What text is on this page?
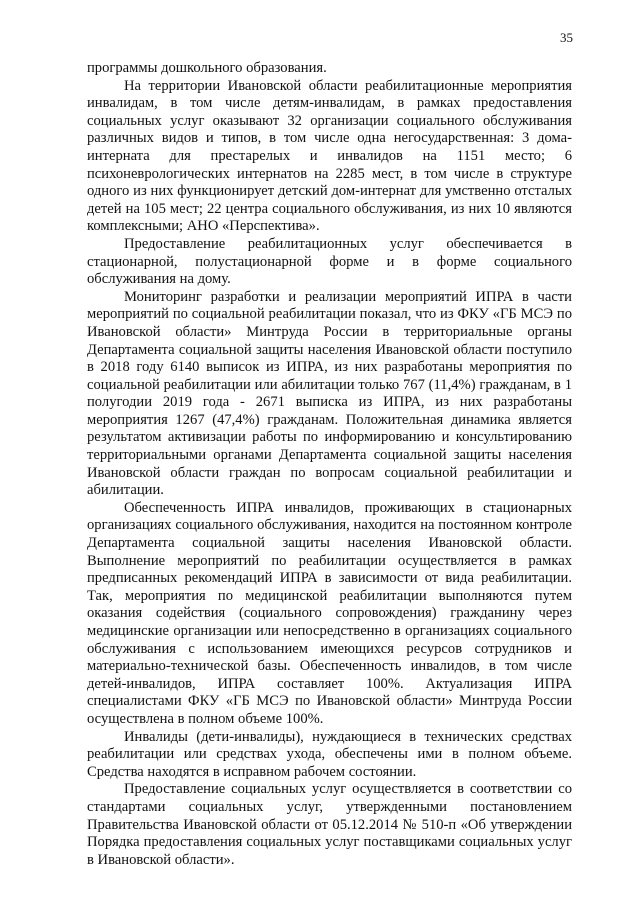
35

программы дошкольного образования.

На территории Ивановской области реабилитационные мероприятия инвалидам, в том числе детям-инвалидам, в рамках предоставления социальных услуг оказывают 32 организации социального обслуживания различных видов и типов, в том числе одна негосударственная: 3 дома-интерната для престарелых и инвалидов на 1151 место; 6 психоневрологических интернатов на 2285 мест, в том числе в структуре одного из них функционирует детский дом-интернат для умственно отсталых детей на 105 мест; 22 центра социального обслуживания, из них 10 являются комплексными; АНО «Перспектива».

Предоставление реабилитационных услуг обеспечивается в стационарной, полустационарной форме и в форме социального обслуживания на дому.

Мониторинг разработки и реализации мероприятий ИПРА в части мероприятий по социальной реабилитации показал, что из ФКУ «ГБ МСЭ по Ивановской области» Минтруда России в территориальные органы Департамента социальной защиты населения Ивановской области поступило в 2018 году 6140 выписок из ИПРА, из них разработаны мероприятия по социальной реабилитации или абилитации только 767 (11,4%) гражданам, в 1 полугодии 2019 года - 2671 выписка из ИПРА, из них разработаны мероприятия 1267 (47,4%) гражданам. Положительная динамика является результатом активизации работы по информированию и консультированию территориальными органами Департамента социальной защиты населения Ивановской области граждан по вопросам социальной реабилитации и абилитации.

Обеспеченность ИПРА инвалидов, проживающих в стационарных организациях социального обслуживания, находится на постоянном контроле Департамента социальной защиты населения Ивановской области. Выполнение мероприятий по реабилитации осуществляется в рамках предписанных рекомендаций ИПРА в зависимости от вида реабилитации. Так, мероприятия по медицинской реабилитации выполняются путем оказания содействия (социального сопровождения) гражданину через медицинские организации или непосредственно в организациях социального обслуживания с использованием имеющихся ресурсов сотрудников и материально-технической базы. Обеспеченность инвалидов, в том числе детей-инвалидов, ИПРА составляет 100%. Актуализация ИПРА специалистами ФКУ «ГБ МСЭ по Ивановской области» Минтруда России осуществлена в полном объеме 100%.

Инвалиды (дети-инвалиды), нуждающиеся в технических средствах реабилитации или средствах ухода, обеспечены ими в полном объеме. Средства находятся в исправном рабочем состоянии.

Предоставление социальных услуг осуществляется в соответствии со стандартами социальных услуг, утвержденными постановлением Правительства Ивановской области от 05.12.2014 № 510-п «Об утверждении Порядка предоставления социальных услуг поставщиками социальных услуг в Ивановской области».
